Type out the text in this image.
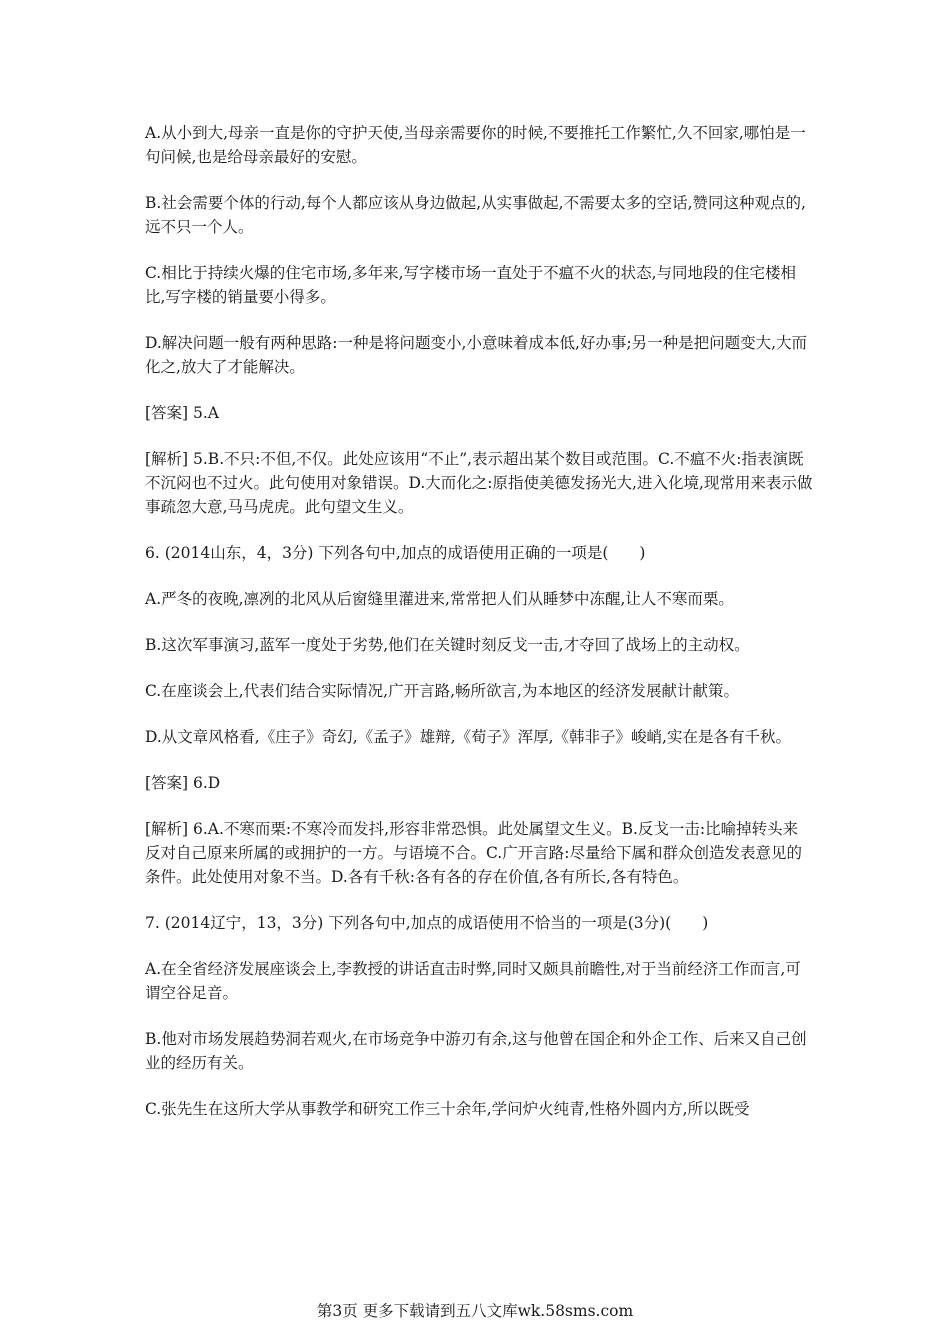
A.从小到大,母亲一直是你的守护天使,当母亲需要你的时候,不要推托工作繁忙,久不回家,哪怕是一句问候,也是给母亲最好的安慰。

B.社会需要个体的行动,每个人都应该从身边做起,从实事做起,不需要太多的空话,赞同这种观点的,远不只一个人。

C.相比于持续火爆的住宅市场,多年来,写字楼市场一直处于不瘟不火的状态,与同地段的住宅楼相比,写字楼的销量要小得多。

D.解决问题一般有两种思路:一种是将问题变小,小意味着成本低,好办事;另一种是把问题变大,大而化之,放大了才能解决。

[答案] 5.A

[解析] 5.B.不只:不但,不仅。此处应该用“不止”,表示超出某个数目或范围。C.不瘟不火:指表演既不沉闷也不过火。此句使用对象错误。D.大而化之:原指使美德发扬光大,进入化境,现常用来表示做事疏忽大意,马马虎虎。此句望文生义。

6. (2014山东，4，3分) 下列各句中,加点的成语使用正确的一项是(　　)

A.严冬的夜晚,凛冽的北风从后窗缝里灌进来,常常把人们从睡梦中冻醒,让人不寒而栗。

B.这次军事演习,蓝军一度处于劣势,他们在关键时刻反戈一击,才夺回了战场上的主动权。

C.在座谈会上,代表们结合实际情况,广开言路,畅所欲言,为本地区的经济发展献计献策。

D.从文章风格看,《庄子》奇幻,《孟子》雄辩,《荀子》浑厚,《韩非子》峻峭,实在是各有千秋。

[答案] 6.D

[解析] 6.A.不寒而栗:不寒冷而发抖,形容非常恐惧。此处属望文生义。B.反戈一击:比喻掉转头来反对自己原来所属的或拥护的一方。与语境不合。C.广开言路:尽量给下属和群众创造发表意见的条件。此处使用对象不当。D.各有千秋:各有各的存在价值,各有所长,各有特色。

7. (2014辽宁，13，3分) 下列各句中,加点的成语使用不恰当的一项是(3分)(　　)

A.在全省经济发展座谈会上,李教授的讲话直击时弊,同时又颇具前瞻性,对于当前经济工作而言,可谓空谷足音。

B.他对市场发展趋势洞若观火,在市场竞争中游刃有余,这与他曾在国企和外企工作、后来又自己创业的经历有关。

C.张先生在这所大学从事教学和研究工作三十余年,学问炉火纯青,性格外圆内方,所以既受

第3页 更多下载请到五八文库wk.58sms.com
